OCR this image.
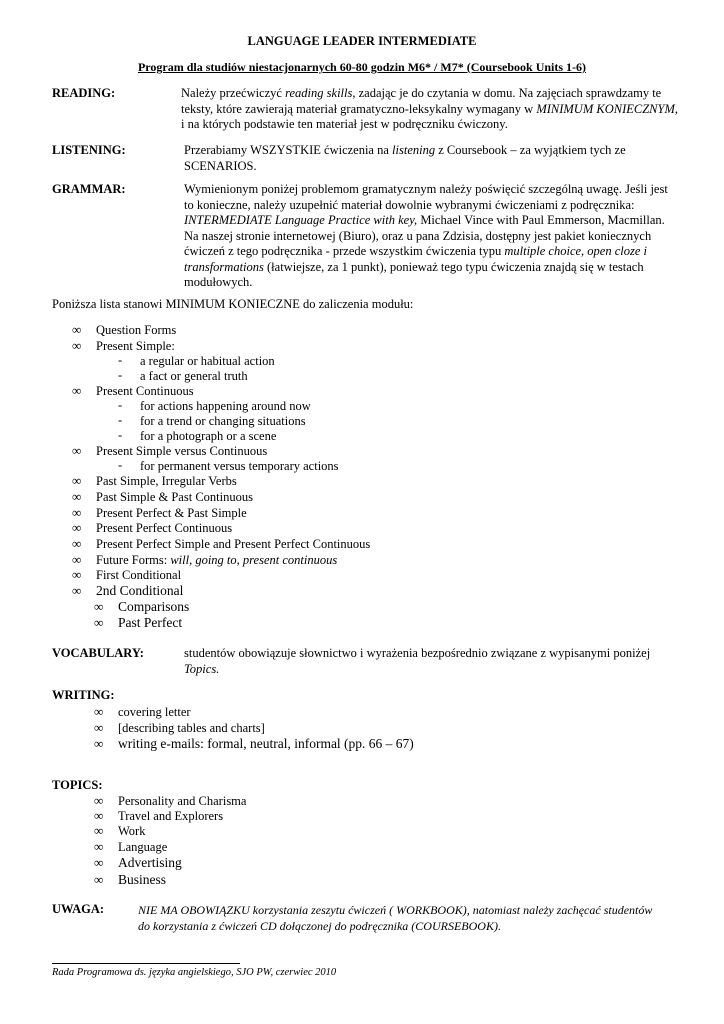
LANGUAGE LEADER INTERMEDIATE
Program dla studiów niestacjonarnych 60-80 godzin M6* / M7* (Coursebook Units 1-6)
READING:	Należy przećwiczyć reading skills, zadając je do czytania w domu. Na zajęciach sprawdzamy te
teksty, które zawierają materiał gramatyczno-leksykalny wymagany w MINIMUM KONIECZNYM,
i na których podstawie ten materiał jest w podręczniku ćwiczony.
LISTENING:	Przerabiamy WSZYSTKIE ćwiczenia na listening z Coursebook – za wyjątkiem tych ze
SCENARIOS.
GRAMMAR:	Wymienionym poniżej problemom gramatycznym należy poświęcić szczególną uwagę. Jeśli jest
to konieczne, należy uzupełnić materiał dowolnie wybranymi ćwiczeniami z podręcznika:
INTERMEDIATE Language Practice with key, Michael Vince with Paul Emmerson, Macmillan.
Na naszej stronie internetowej (Biuro), oraz u pana Zdzisia, dostępny jest pakiet koniecznych
ćwiczeń z tego podręcznika - przede wszystkim ćwiczenia typu multiple choice, open cloze i
transformations (łatwiejsze, za 1 punkt), ponieważ tego typu ćwiczenia znajdą się w testach
modułowych.
Poniższa lista stanowi MINIMUM KONIECZNE do zaliczenia modułu:
∞ Question Forms
∞ Present Simple:
- a regular or habitual action
- a fact or general truth
∞ Present Continuous
- for actions happening around now
- for a trend or changing situations
- for a photograph or a scene
∞ Present Simple versus Continuous
- for permanent versus temporary actions
∞ Past Simple, Irregular Verbs
∞ Past Simple & Past Continuous
∞ Present Perfect & Past Simple
∞ Present Perfect Continuous
∞ Present Perfect Simple and Present Perfect Continuous
∞ Future Forms: will, going to, present continuous
∞ First Conditional
∞ 2nd Conditional
∞ Comparisons
∞ Past Perfect
VOCABULARY:	studentów obowiązuje słownictwo i wyrażenia bezpośrednio związane z wypisanymi poniżej
Topics.
WRITING:
∞ covering letter
∞ [describing tables and charts]
∞ writing e-mails: formal, neutral, informal (pp. 66 – 67)
TOPICS:
∞ Personality and Charisma
∞ Travel and Explorers
∞ Work
∞ Language
∞ Advertising
∞ Business
UWAGA:	NIE MA OBOWIĄZKU korzystania zeszytu ćwiczeń ( WORKBOOK), natomiast należy zachęcać studentów
do korzystania z ćwiczeń CD dołączonej do podręcznika (COURSEBOOK).
Rada Programowa ds. języka angielskiego, SJO PW, czerwiec 2010
